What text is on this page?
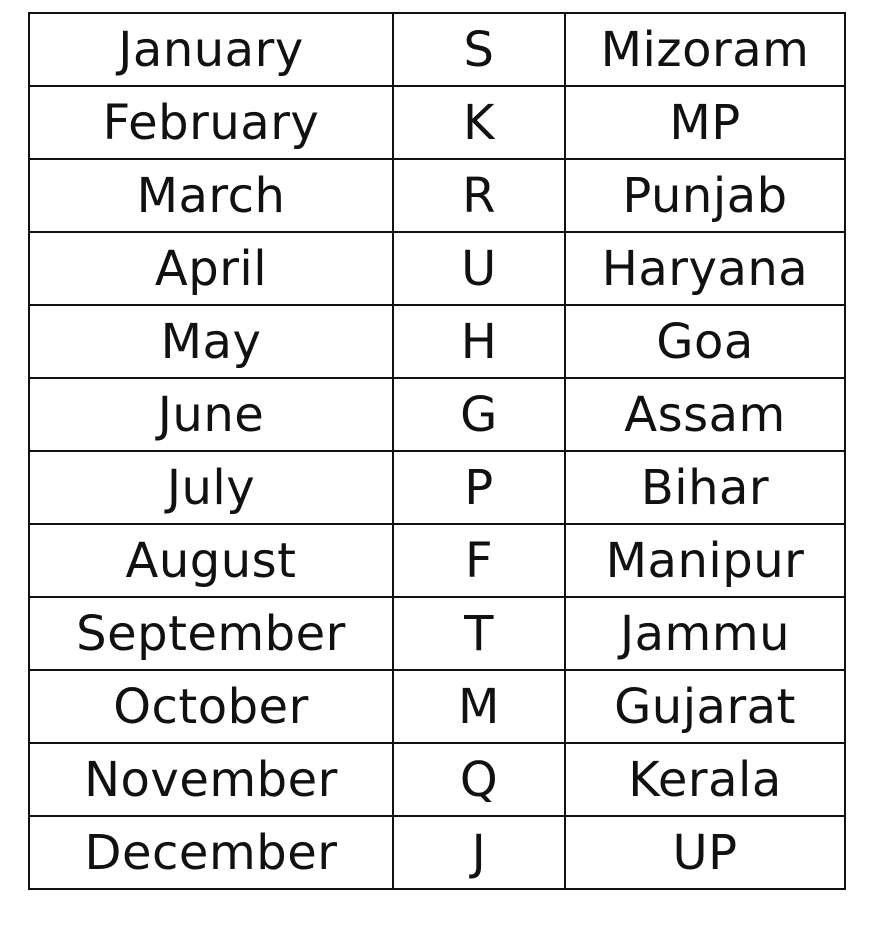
January	S	Mizoram
February	K	MP
March	R	Punjab
April	U	Haryana
May	H	Goa
June	G	Assam
July	P	Bihar
August	F	Manipur
September	T	Jammu
October	M	Gujarat
November	Q	Kerala
December	J	UP
